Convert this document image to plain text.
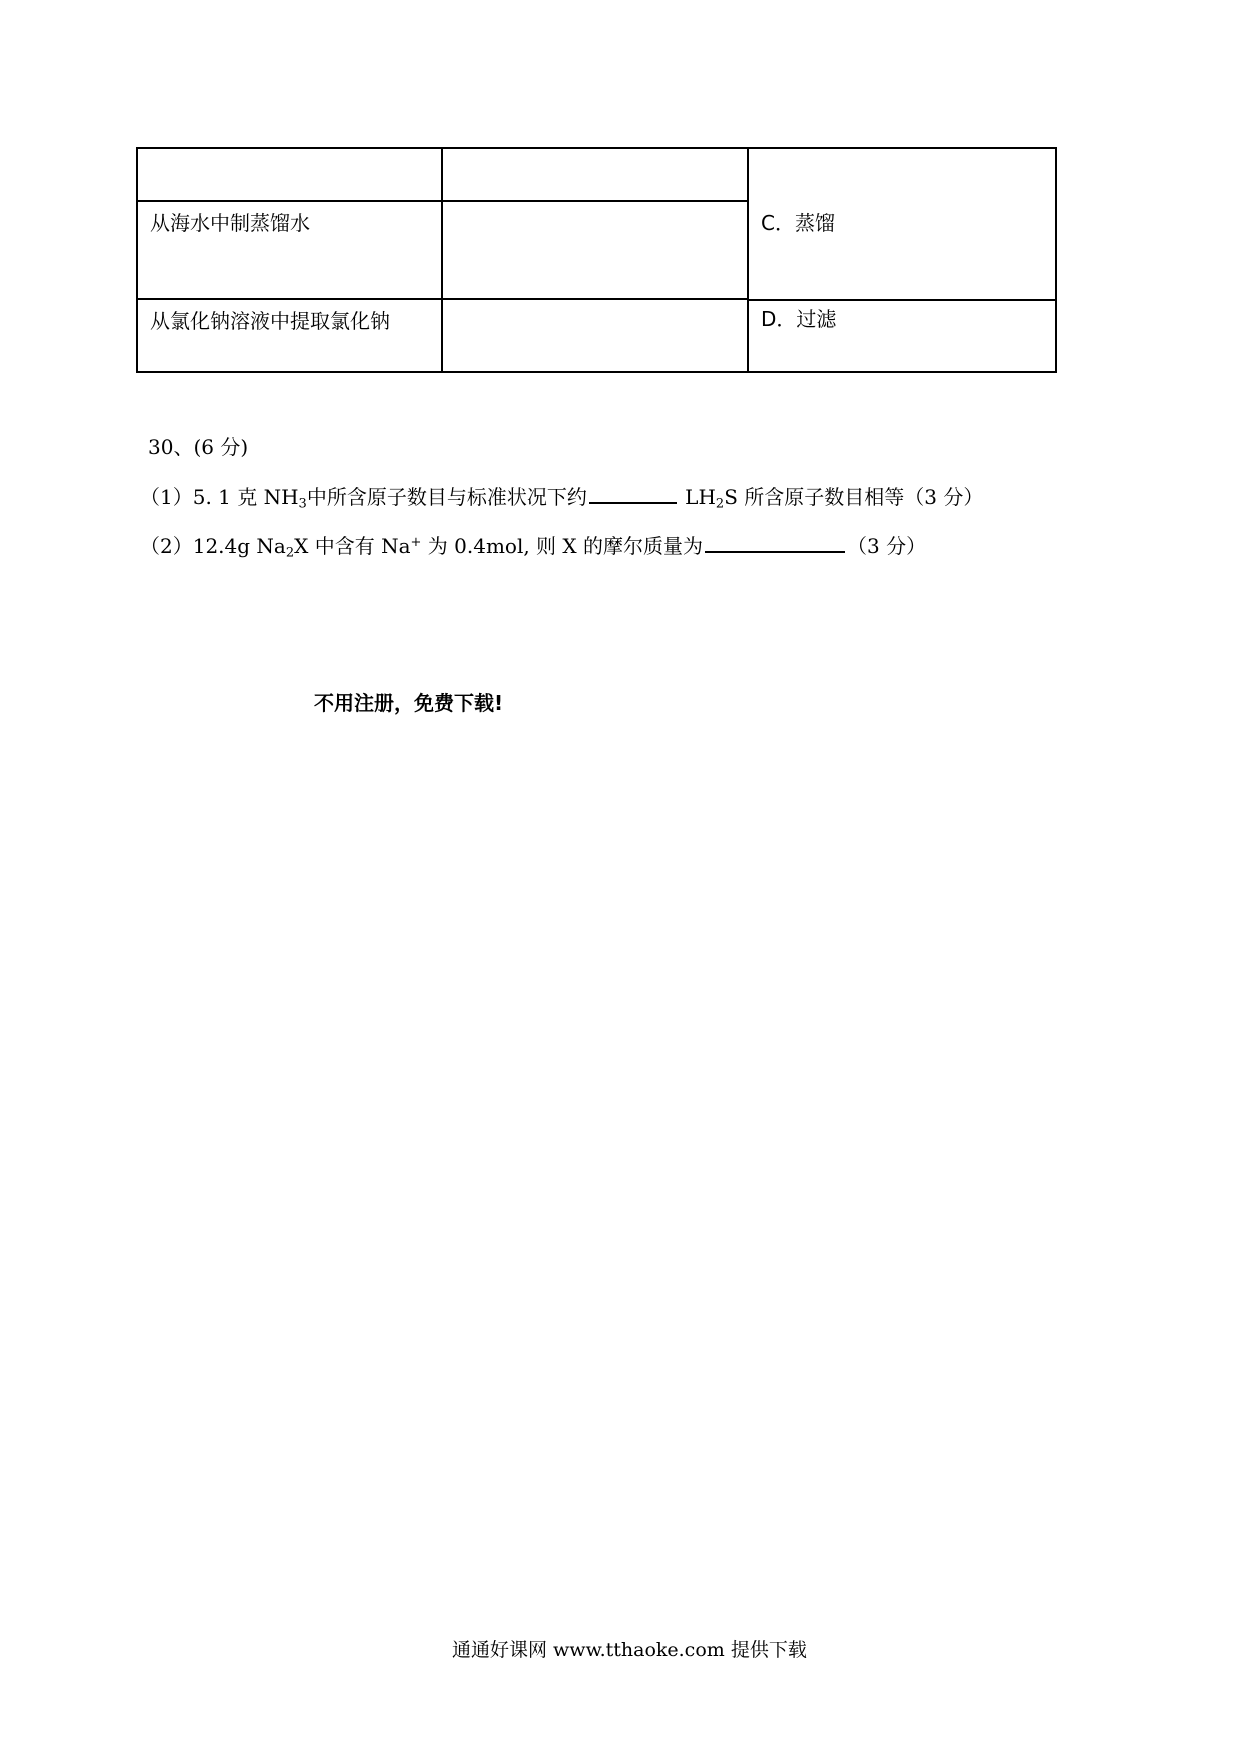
从海水中制蒸馏水
从氯化钠溶液中提取氯化钠
C．蒸馏
D．过滤
30、(6 分)
（1）5. 1 克 $NH_3$中所含原子数目与标准状况下约	$LH_2S$ 所含原子数目相等（3 分）
（2）12.4g $Na_2X$ 中含有 Na+ 为 0.4mol, 则 X 的摩尔质量为	（3 分）
不用注册，免费下载!
通通好课网 www.tthaoke.com 提供下载
